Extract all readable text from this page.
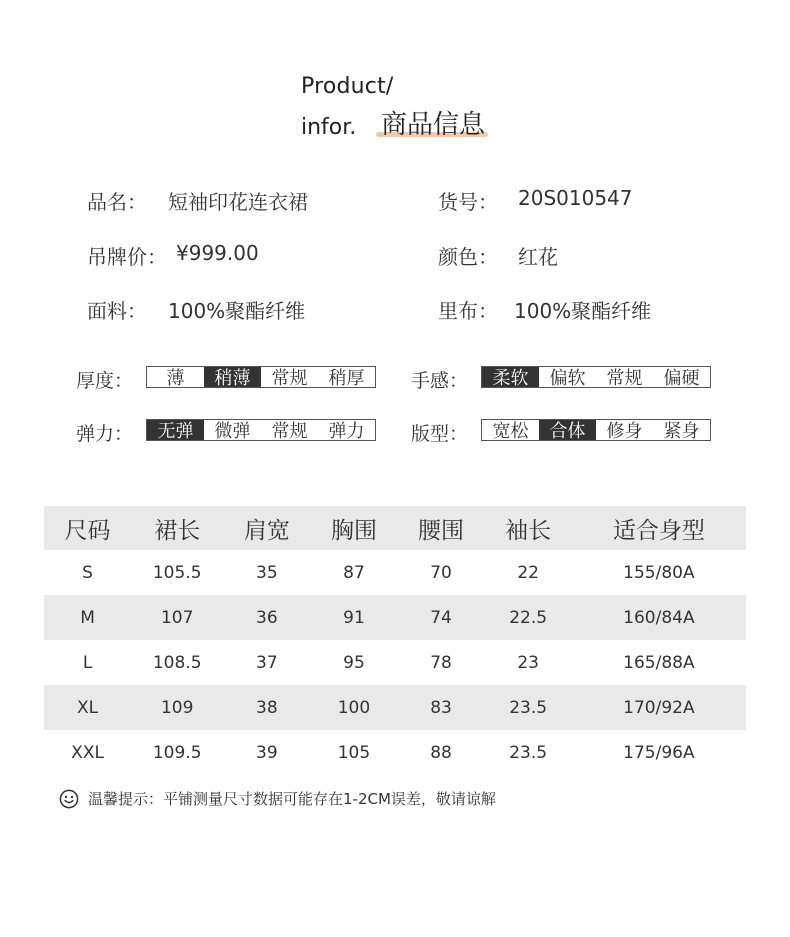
Product/
infor. 商品信息
品名： 短袖印花连衣裙	货号： 20S010547
吊牌价： ¥999.00	颜色： 红花
面料： 100%聚酯纤维	里布： 100%聚酯纤维
厚度：	薄	稍薄	常规	稍厚	手感：	柔软	偏软	常规	偏硬
弹力：	无弹	微弹	常规	弹力	版型：	宽松	合体	修身	紧身
尺码	裙长	肩宽	胸围	腰围	袖长	适合身型
S	105.5	35	87	70	22	155/80A
M	107	36	91	74	22.5	160/84A
L	108.5	37	95	78	23	165/88A
XL	109	38	100	83	23.5	170/92A
XXL	109.5	39	105	88	23.5	175/96A
温馨提示：平铺测量尺寸数据可能存在1-2CM误差，敬请谅解
